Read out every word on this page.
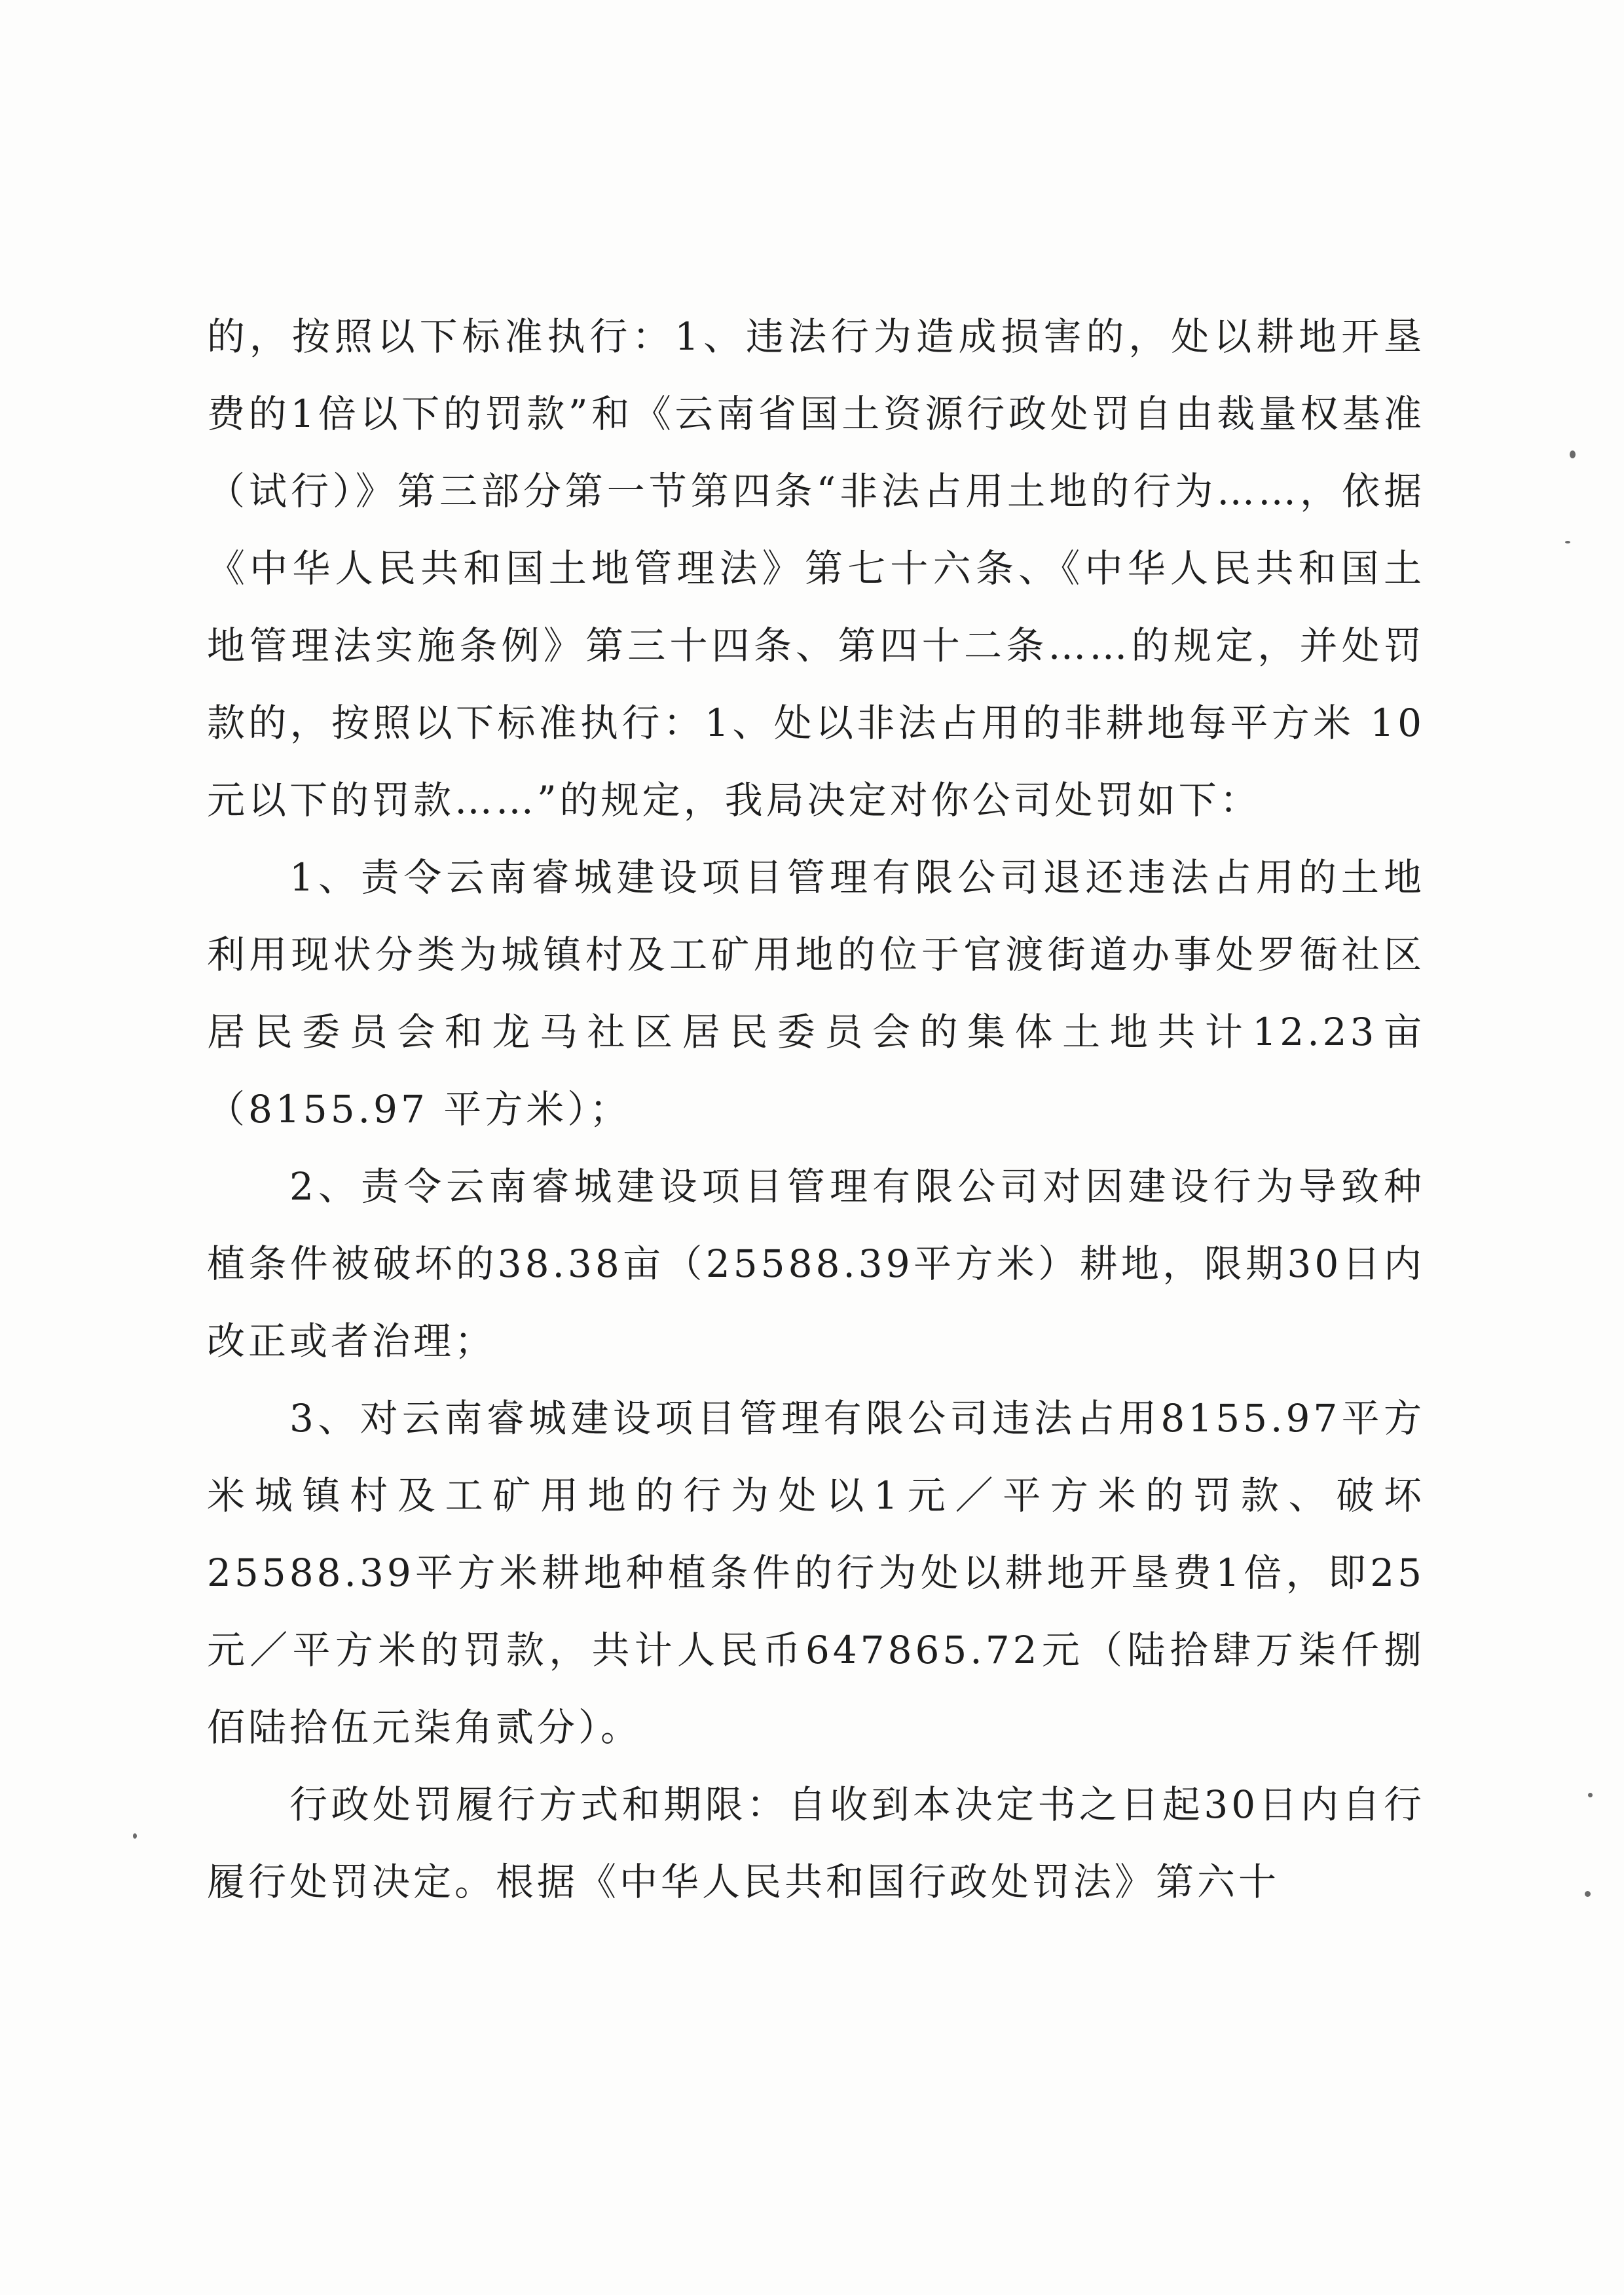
的，按照以下标准执行：1、违法行为造成损害的，处以耕地开垦费的1倍以下的罚款”和《云南省国土资源行政处罚自由裁量权基准（试行）》第三部分第一节第四条“非法占用土地的行为……，依据《中华人民共和国土地管理法》第七十六条、《中华人民共和国土地管理法实施条例》第三十四条、第四十二条……的规定，并处罚款的，按照以下标准执行：1、处以非法占用的非耕地每平方米 10 元以下的罚款……”的规定，我局决定对你公司处罚如下：

1、责令云南睿城建设项目管理有限公司退还违法占用的土地利用现状分类为城镇村及工矿用地的位于官渡街道办事处罗衙社区居民委员会和龙马社区居民委员会的集体土地共计12.23亩（8155.97 平方米）；

2、责令云南睿城建设项目管理有限公司对因建设行为导致种植条件被破坏的38.38亩（25588.39平方米）耕地，限期30日内改正或者治理；

3、对云南睿城建设项目管理有限公司违法占用8155.97平方米城镇村及工矿用地的行为处以1元／平方米的罚款、破坏25588.39平方米耕地种植条件的行为处以耕地开垦费1倍，即25元／平方米的罚款，共计人民币647865.72元（陆拾肆万柒仟捌佰陆拾伍元柒角贰分）。

行政处罚履行方式和期限：自收到本决定书之日起30日内自行履行处罚决定。根据《中华人民共和国行政处罚法》第六十
